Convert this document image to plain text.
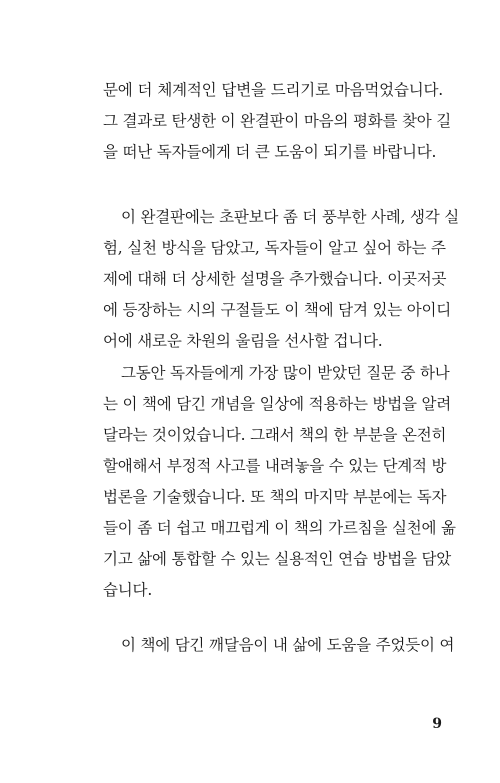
문에 더 체계적인 답변을 드리기로 마음먹었습니다.
그 결과로 탄생한 이 완결판이 마음의 평화를 찾아 길
을 떠난 독자들에게 더 큰 도움이 되기를 바랍니다.
이 완결판에는 초판보다 좀 더 풍부한 사례, 생각 실
험, 실천 방식을 담았고, 독자들이 알고 싶어 하는 주
제에 대해 더 상세한 설명을 추가했습니다. 이곳저곳
에 등장하는 시의 구절들도 이 책에 담겨 있는 아이디
어에 새로운 차원의 울림을 선사할 겁니다.
그동안 독자들에게 가장 많이 받았던 질문 중 하나
는 이 책에 담긴 개념을 일상에 적용하는 방법을 알려
달라는 것이었습니다. 그래서 책의 한 부분을 온전히
할애해서 부정적 사고를 내려놓을 수 있는 단계적 방
법론을 기술했습니다. 또 책의 마지막 부분에는 독자
들이 좀 더 쉽고 매끄럽게 이 책의 가르침을 실천에 옮
기고 삶에 통합할 수 있는 실용적인 연습 방법을 담았
습니다.
이 책에 담긴 깨달음이 내 삶에 도움을 주었듯이 여
9
